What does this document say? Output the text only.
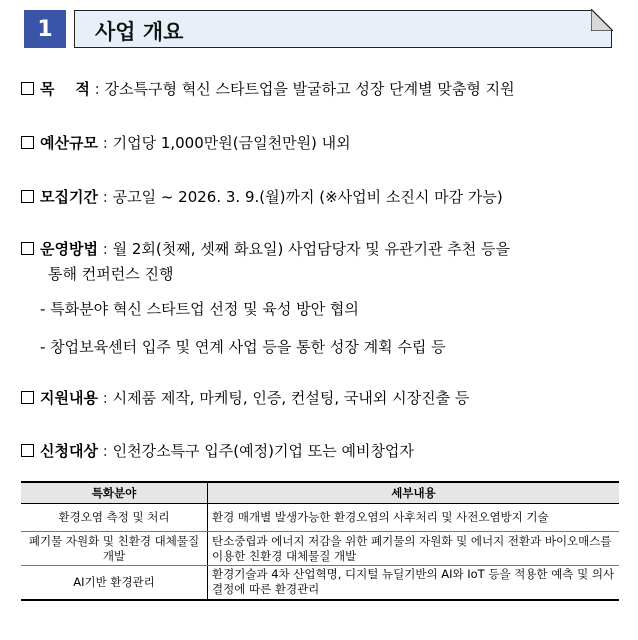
1	사업 개요
목    적 : 강소특구형 혁신 스타트업을 발굴하고 성장 단계별 맞춤형 지원
예산규모 : 기업당 1,000만원(금일천만원) 내외
모집기간 : 공고일 ~ 2026. 3. 9.(월)까지 (※사업비 소진시 마감 가능)
운영방법 : 월 2회(첫째, 셋째 화요일) 사업담당자 및 유관기관 추천 등을
통해 컨퍼런스 진행
- 특화분야 혁신 스타트업 선정 및 육성 방안 협의
- 창업보육센터 입주 및 연계 사업 등을 통한 성장 계획 수립 등
지원내용 : 시제품 제작, 마케팅, 인증, 컨설팅, 국내외 시장진출 등
신청대상 : 인천강소특구 입주(예정)기업 또는 예비창업자
특화분야	세부내용
환경오염 측정 및 처리	환경 매개별 발생가능한 환경오염의 사후처리 및 사전오염방지 기술
폐기물 자원화 및 친환경 대체물질 개발	탄소중립과 에너지 저감을 위한 폐기물의 자원화 및 에너지 전환과 바이오매스를 이용한 친환경 대체물질 개발
AI기반 환경관리	환경기술과 4차 산업혁명, 디지털 뉴딜기반의 AI와 IoT 등을 적용한 예측 및 의사결정에 따른 환경관리
